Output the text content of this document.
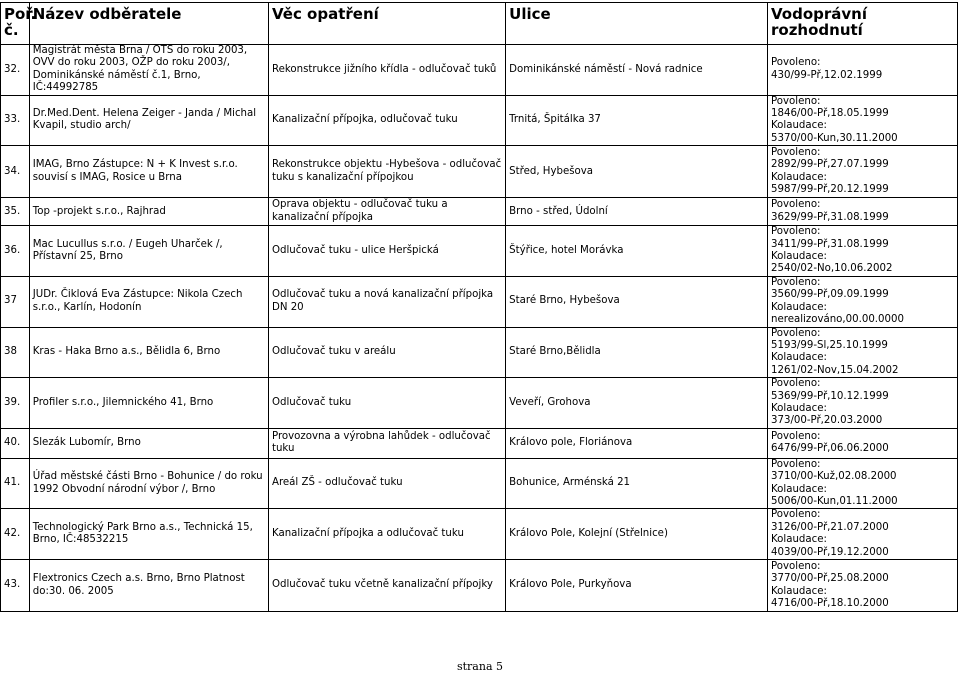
Poř. č.	Název odběratele	Věc opatření	Ulice	Vodoprávní rozhodnutí
32.	Magistrát města Brna / OTS do roku 2003, OVV do roku 2003, OŽP do roku 2003/, Dominikánské náměstí č.1, Brno, IČ:44992785	Rekonstrukce jižního křídla - odlučovač tuků	Dominikánské náměstí - Nová radnice	Povoleno:
430/99-Př,12.02.1999

33.	Dr.Med.Dent. Helena Zeiger - Janda / Michal Kvapil, studio arch/	Kanalizační přípojka, odlučovač tuku	Trnitá, Špitálka 37	Povoleno:
1846/00-Př,18.05.1999
Kolaudace:
5370/00-Kun,30.11.2000

34.	IMAG, Brno Zástupce: N + K Invest s.r.o. souvisí s IMAG, Rosice u Brna	Rekonstrukce objektu -Hybešova - odlučovač tuku s kanalizační přípojkou	Střed, Hybešova	Povoleno:
2892/99-Př,27.07.1999
Kolaudace:
5987/99-Př,20.12.1999

35.	Top -projekt s.r.o., Rajhrad	Oprava objektu - odlučovač tuku a kanalizační přípojka	Brno - střed, Údolní	Povoleno:
3629/99-Př,31.08.1999

36.	Mac Lucullus s.r.o. / Eugeh Uharček /, Přístavní 25, Brno	Odlučovač tuku - ulice Heršpická	Štýřice, hotel Morávka	Povoleno:
3411/99-Př,31.08.1999
Kolaudace:
2540/02-No,10.06.2002

37	JUDr. Čiklová Eva Zástupce: Nikola Czech s.r.o., Karlín, Hodonín	Odlučovač tuku a nová kanalizační přípojka DN 20	Staré Brno, Hybešova	Povoleno:
3560/99-Př,09.09.1999
Kolaudace:
nerealizováno,00.00.0000

38	Kras - Haka Brno a.s., Bělidla 6, Brno	Odlučovač tuku v areálu	Staré Brno,Bělidla	Povoleno:
5193/99-Sl,25.10.1999
Kolaudace:
1261/02-Nov,15.04.2002

39.	Profiler s.r.o., Jilemnického 41, Brno	Odlučovač tuku	Veveří, Grohova	Povoleno:
5369/99-Př,10.12.1999
Kolaudace:
373/00-Př,20.03.2000

40.	Slezák Lubomír, Brno	Provozovna a výrobna lahůdek - odlučovač tuku	Královo pole, Floriánova	Povoleno:
6476/99-Př,06.06.2000

41.	Úřad městské části Brno - Bohunice / do roku 1992 Obvodní národní výbor /, Brno	Areál ZŠ - odlučovač tuku	Bohunice, Arménská 21	Povoleno:
3710/00-Kuž,02.08.2000
Kolaudace:
5006/00-Kun,01.11.2000

42.	Technologický Park Brno a.s., Technická 15, Brno, IČ:48532215	Kanalizační přípojka a odlučovač tuku	Královo Pole, Kolejní (Střelnice)	Povoleno:
3126/00-Př,21.07.2000
Kolaudace:
4039/00-Př,19.12.2000

43.	Flextronics Czech a.s. Brno, Brno Platnost do:30. 06. 2005	Odlučovač tuku včetně kanalizační přípojky	Královo Pole, Purkyňova	Povoleno:
3770/00-Př,25.08.2000
Kolaudace:
4716/00-Př,18.10.2000
strana 5
